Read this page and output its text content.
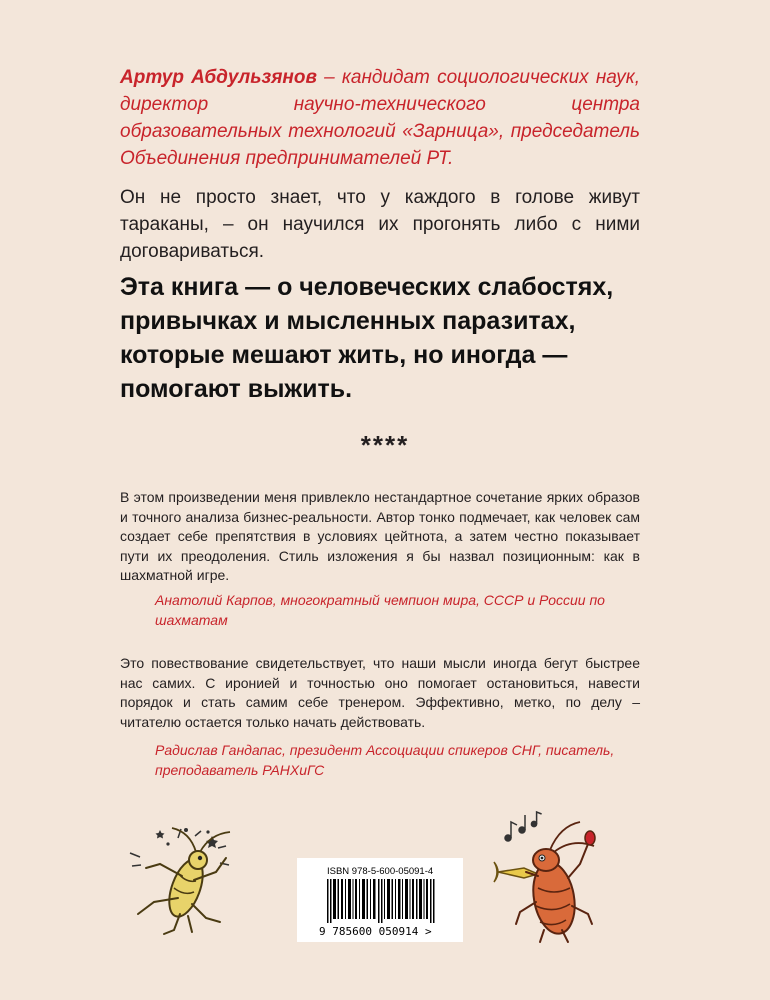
Артур Абдульзянов – кандидат социологических наук, директор научно-технического центра образовательных технологий «Зарница», председатель Объединения предпринимателей РТ.
Он не просто знает, что у каждого в голове живут тараканы, – он научился их прогонять либо с ними договариваться.
Эта книга — о человеческих слабостях,
привычках и мысленных паразитах,
которые мешают жить, но иногда —
помогают выжить.
****
В этом произведении меня привлекло нестандартное сочетание ярких образов и точного анализа бизнес-реальности. Автор тонко подмечает, как человек сам создает себе препятствия в условиях цейтнота, а затем честно показывает пути их преодоления. Стиль изложения я бы назвал позиционным: как в шахматной игре.
Анатолий Карпов, многократный чемпион мира, СССР и России по шахматам
Это повествование свидетельствует, что наши мысли иногда бегут быстрее нас самих. С иронией и точностью оно помогает остановиться, навести порядок и стать самим себе тренером. Эффективно, метко, по делу – читателю остается только начать действовать.
Радислав Гандапас, президент Ассоциации спикеров СНГ, писатель, преподаватель РАНХиГС
ISBN 978-5-600-05091-4
9 785600 050914 >
